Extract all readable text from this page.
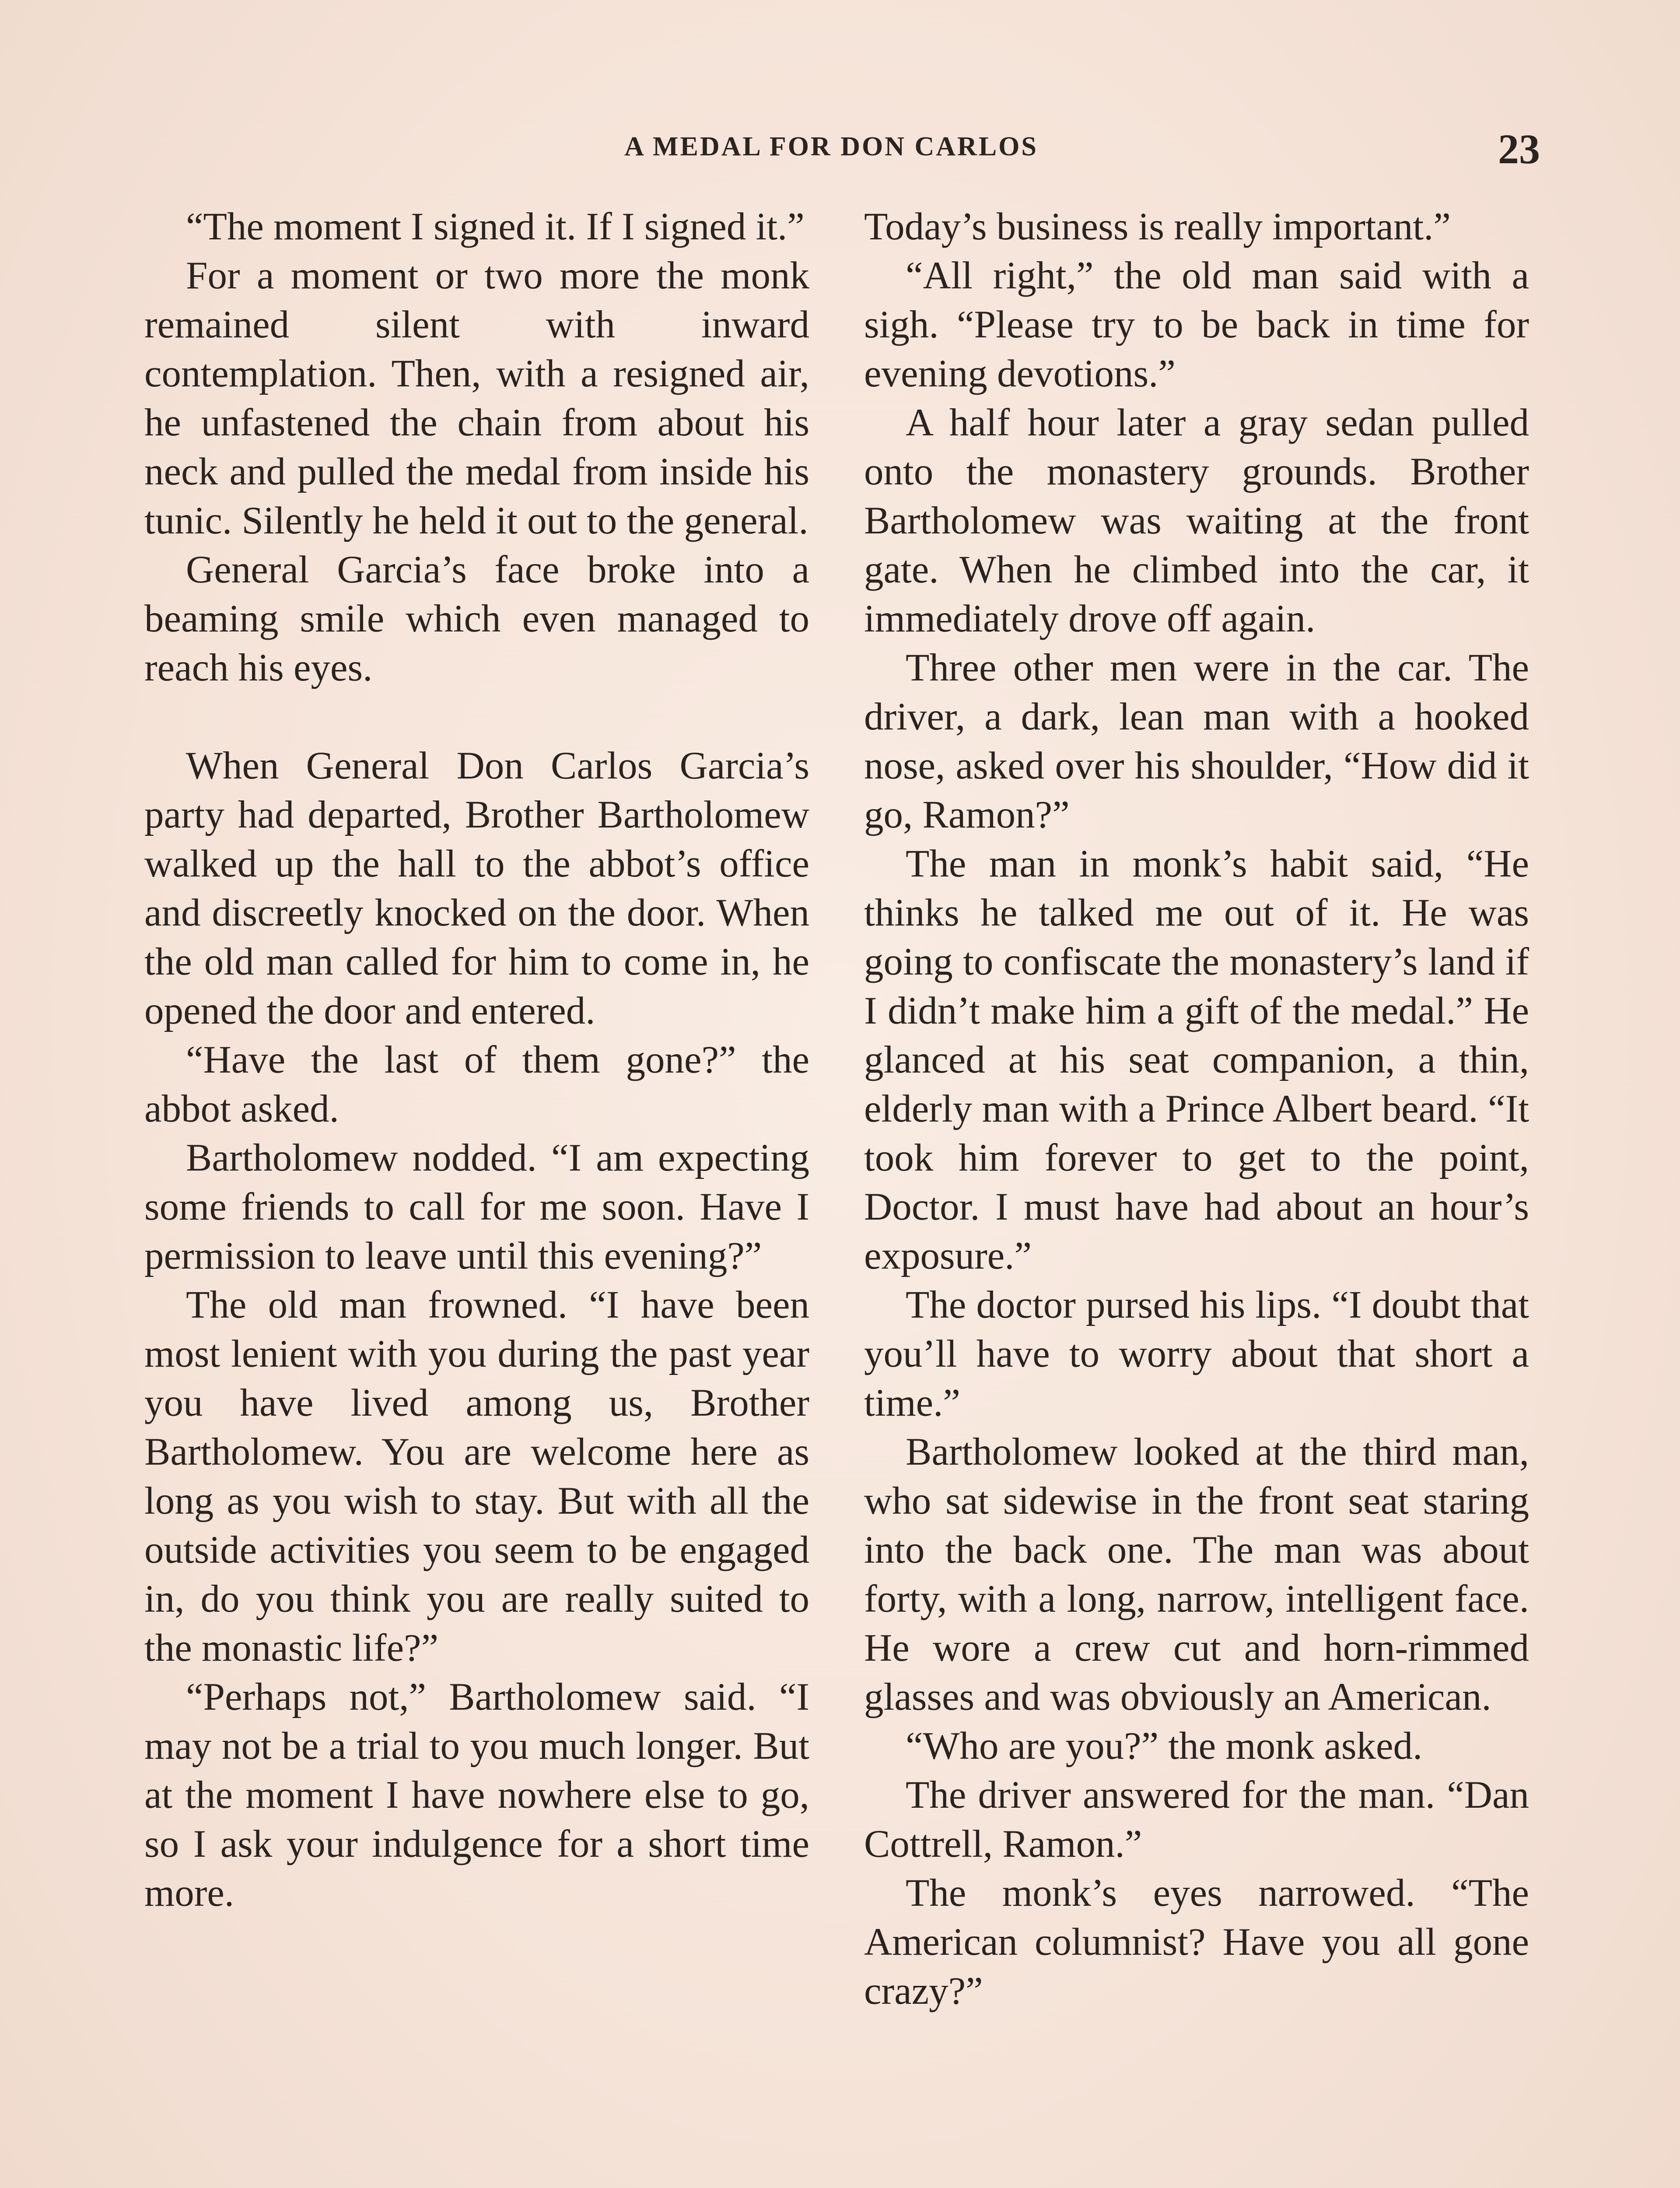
A MEDAL FOR DON CARLOS	23

“The moment I signed it. If I signed it.”

For a moment or two more the monk remained silent with inward contemplation. Then, with a resigned air, he unfastened the chain from about his neck and pulled the medal from inside his tunic. Silently he held it out to the general.

General Garcia’s face broke into a beaming smile which even managed to reach his eyes.

When General Don Carlos Garcia’s party had departed, Brother Bartholomew walked up the hall to the abbot’s office and discreetly knocked on the door. When the old man called for him to come in, he opened the door and entered.

“Have the last of them gone?” the abbot asked.

Bartholomew nodded. “I am expecting some friends to call for me soon. Have I permission to leave until this evening?”

The old man frowned. “I have been most lenient with you during the past year you have lived among us, Brother Bartholomew. You are welcome here as long as you wish to stay. But with all the outside activities you seem to be engaged in, do you think you are really suited to the monastic life?”

“Perhaps not,” Bartholomew said. “I may not be a trial to you much longer. But at the moment I have nowhere else to go, so I ask your indulgence for a short time more.

Today’s business is really important.”

“All right,” the old man said with a sigh. “Please try to be back in time for evening devotions.”

A half hour later a gray sedan pulled onto the monastery grounds. Brother Bartholomew was waiting at the front gate. When he climbed into the car, it immediately drove off again.

Three other men were in the car. The driver, a dark, lean man with a hooked nose, asked over his shoulder, “How did it go, Ramon?”

The man in monk’s habit said, “He thinks he talked me out of it. He was going to confiscate the monastery’s land if I didn’t make him a gift of the medal.” He glanced at his seat companion, a thin, elderly man with a Prince Albert beard. “It took him forever to get to the point, Doctor. I must have had about an hour’s exposure.”

The doctor pursed his lips. “I doubt that you’ll have to worry about that short a time.”

Bartholomew looked at the third man, who sat sidewise in the front seat staring into the back one. The man was about forty, with a long, narrow, intelligent face. He wore a crew cut and horn-rimmed glasses and was obviously an American.

“Who are you?” the monk asked.

The driver answered for the man. “Dan Cottrell, Ramon.”

The monk’s eyes narrowed. “The American columnist? Have you all gone crazy?”
